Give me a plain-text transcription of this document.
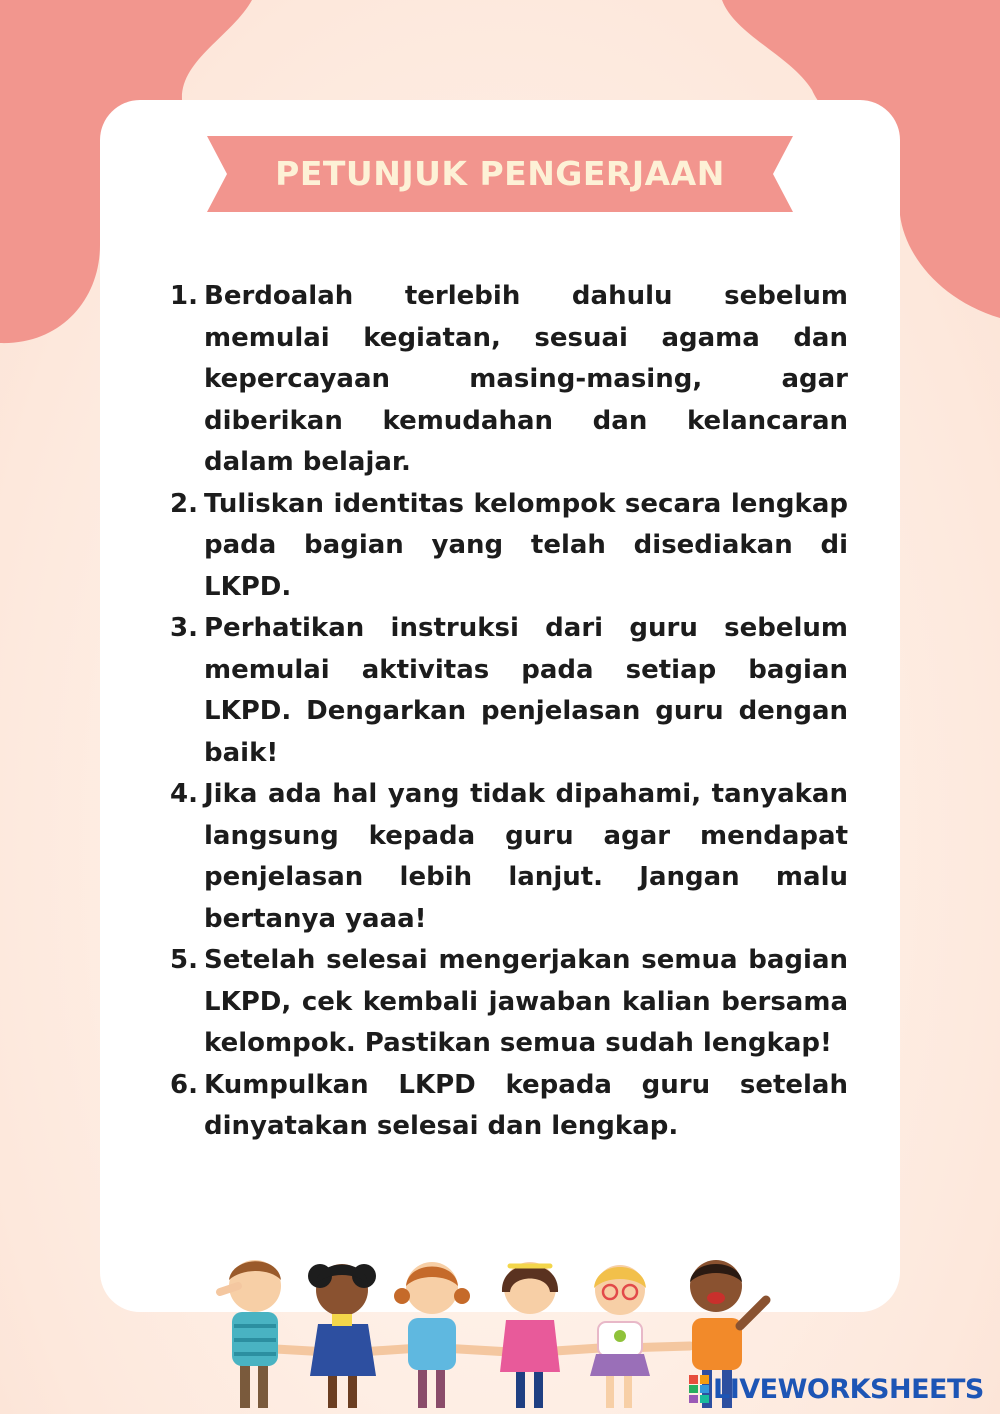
PETUNJUK PENGERJAAN
1. Berdoalah terlebih dahulu sebelum memulai kegiatan, sesuai agama dan kepercayaan masing-masing, agar diberikan kemudahan dan kelancaran dalam belajar.
2. Tuliskan identitas kelompok secara lengkap pada bagian yang telah disediakan di LKPD.
3. Perhatikan instruksi dari guru sebelum memulai aktivitas pada setiap bagian LKPD. Dengarkan penjelasan guru dengan baik!
4. Jika ada hal yang tidak dipahami, tanyakan langsung kepada guru agar mendapat penjelasan lebih lanjut. Jangan malu bertanya yaaa!
5. Setelah selesai mengerjakan semua bagian LKPD, cek kembali jawaban kalian bersama kelompok. Pastikan semua sudah lengkap!
6. Kumpulkan LKPD kepada guru setelah dinyatakan selesai dan lengkap.
LIVEWORKSHEETS
